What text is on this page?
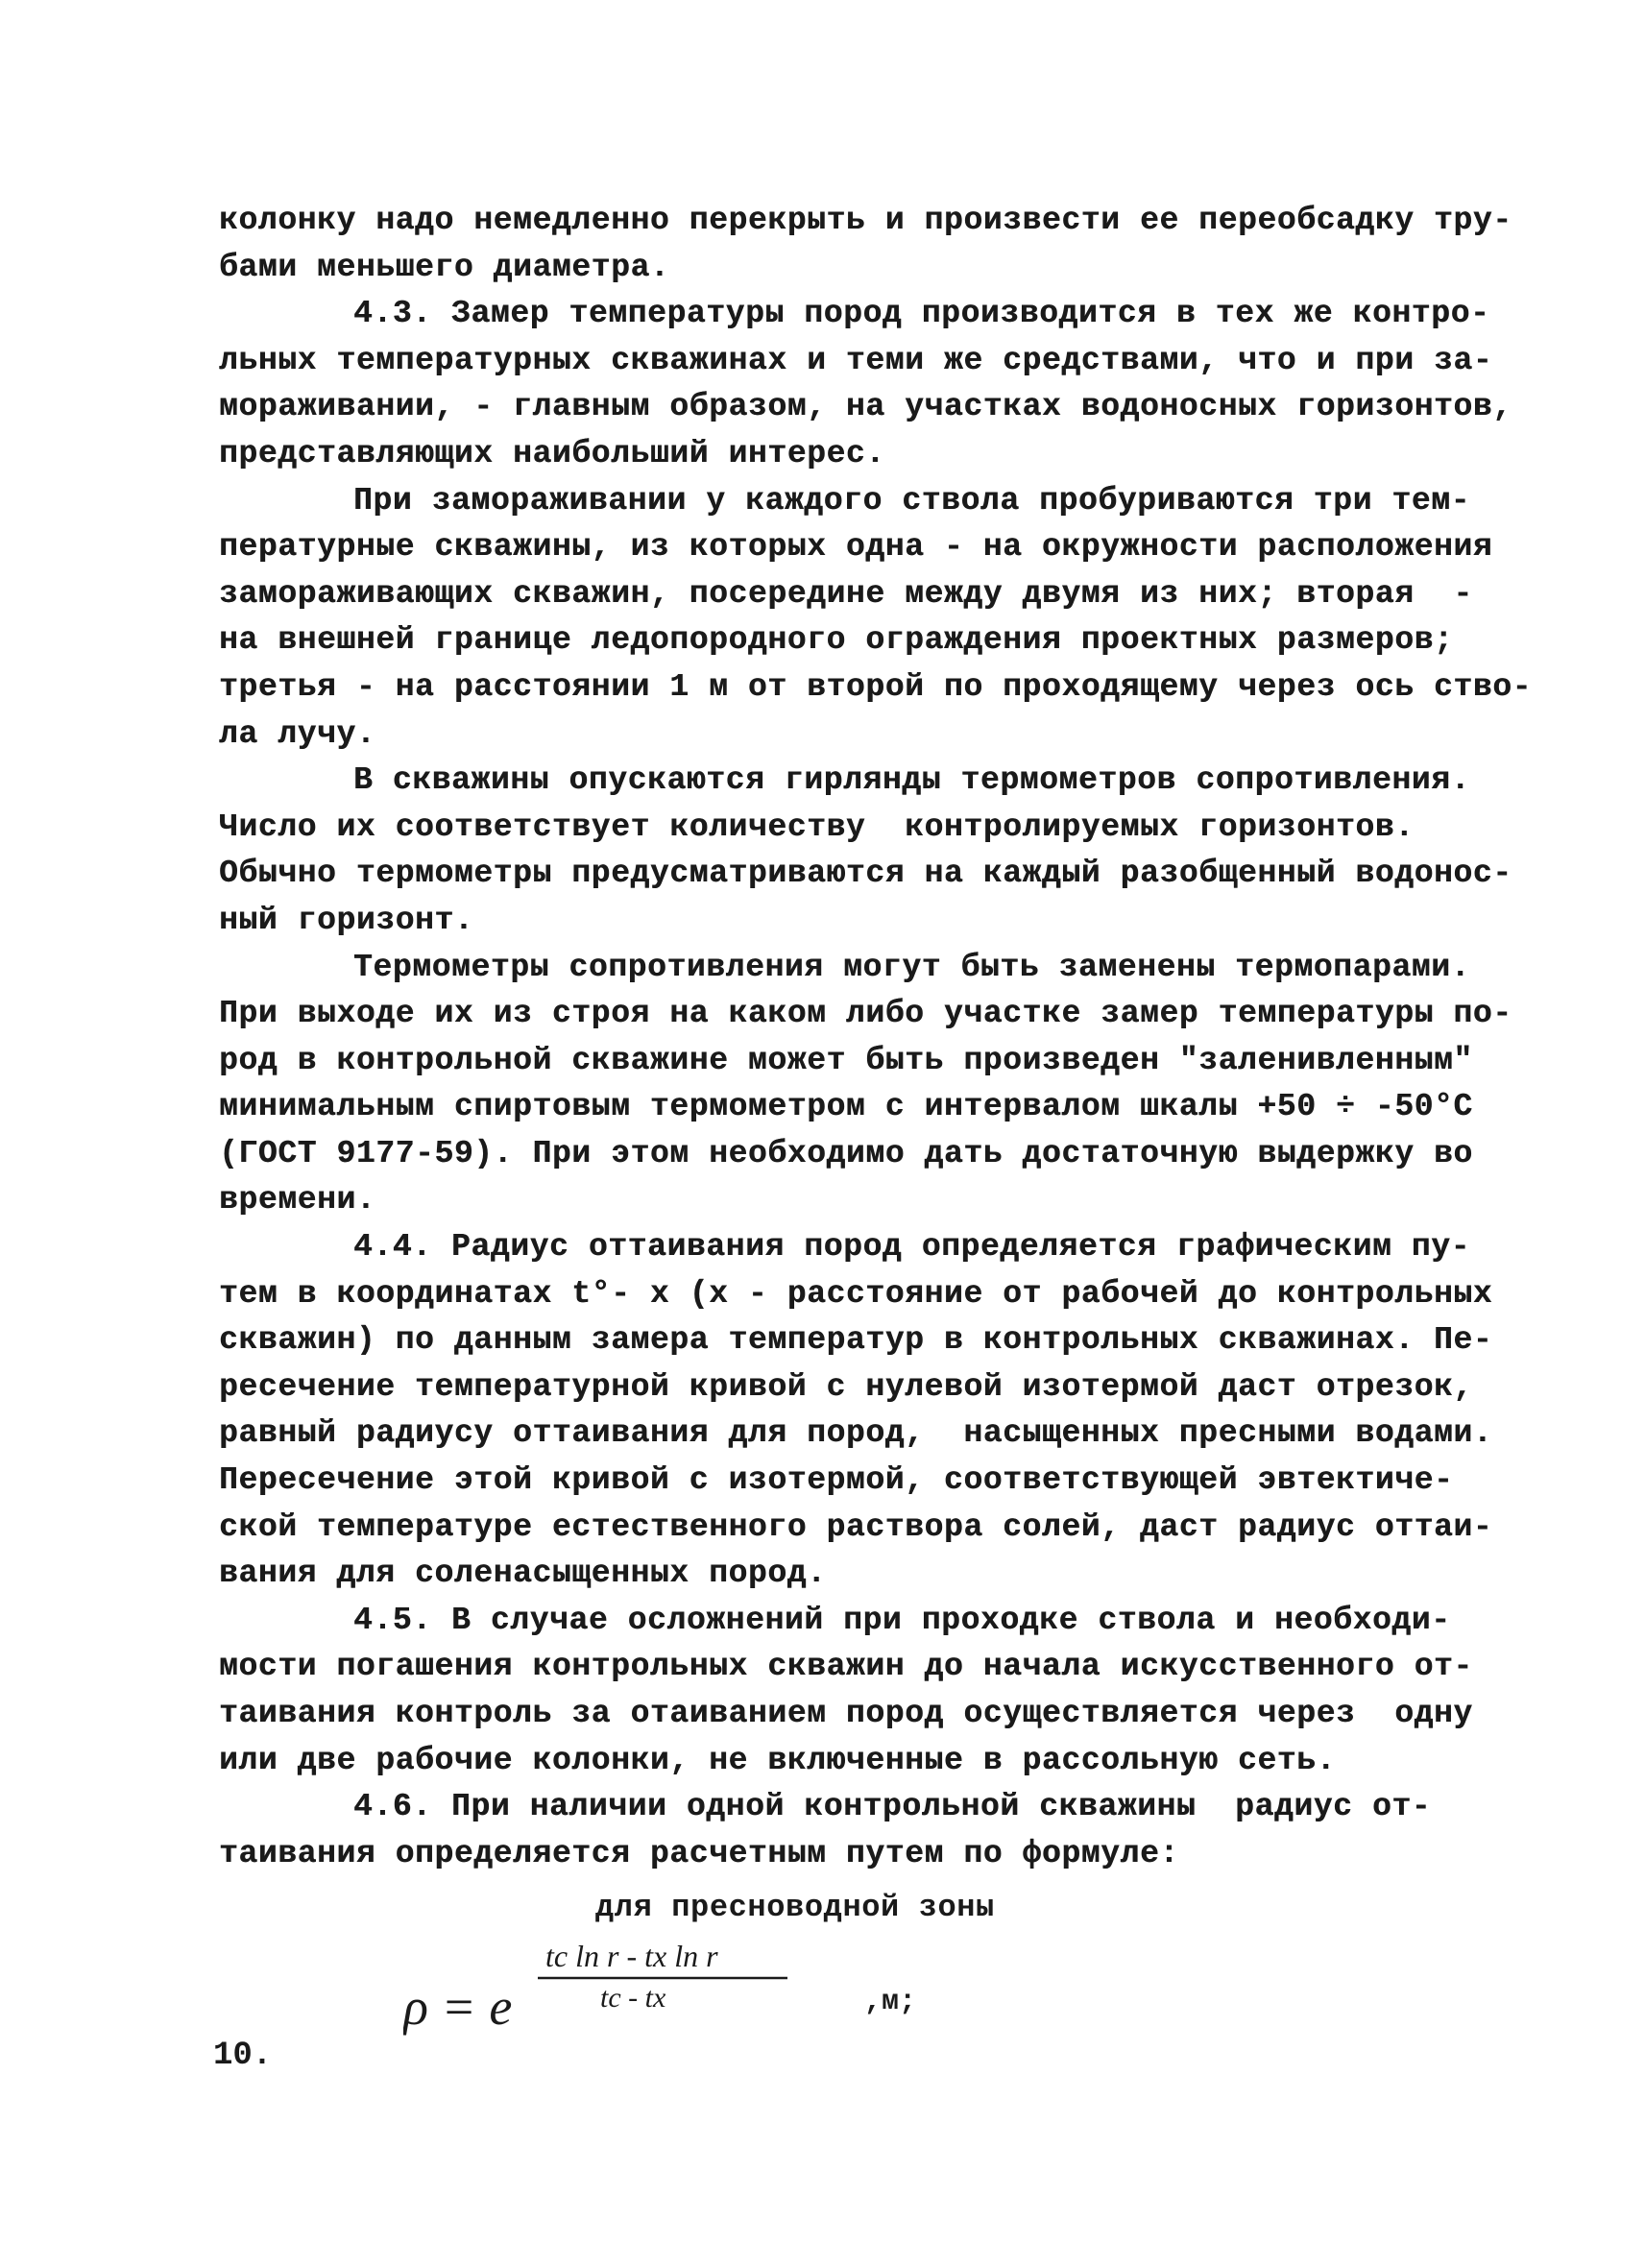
колонку надо немедленно перекрыть и произвести ее переобсадку тру-
бами меньшего диаметра.
4.3. Замер температуры пород производится в тех же контро-
льных температурных скважинах и теми же средствами, что и при за-
мораживании, - главным образом, на участках водоносных горизонтов,
представляющих наибольший интерес.
При замораживании у каждого ствола пробуриваются три тем-
пературные скважины, из которых одна - на окружности расположения
замораживающих скважин, посередине между двумя из них; вторая  -
на внешней границе ледопородного ограждения проектных размеров;
третья - на расстоянии 1 м от второй по проходящему через ось ство-
ла лучу.
В скважины опускаются гирлянды термометров сопротивления.
Число их соответствует количеству  контролируемых горизонтов.
Обычно термометры предусматриваются на каждый разобщенный водонос-
ный горизонт.
Термометры сопротивления могут быть заменены термопарами.
При выходе их из строя на каком либо участке замер температуры по-
род в контрольной скважине может быть произведен "заленивленным"
минимальным спиртовым термометром с интервалом шкалы +50 ÷ -50°С
(ГОСТ 9177-59). При этом необходимо дать достаточную выдержку во
времени.
4.4. Радиус оттаивания пород определяется графическим пу-
тем в координатах t°- x (x - расстояние от рабочей до контрольных
скважин) по данным замера температур в контрольных скважинах. Пе-
ресечение температурной кривой с нулевой изотермой даст отрезок,
равный радиусу оттаивания для пород,  насыщенных пресными водами.
Пересечение этой кривой с изотермой, соответствующей эвтектиче-
ской температуре естественного раствора солей, даст радиус оттаи-
вания для соленасыщенных пород.
4.5. В случае осложнений при проходке ствола и необходи-
мости погашения контрольных скважин до начала искусственного от-
таивания контроль за отаиванием пород осуществляется через  одну
или две рабочие колонки, не включенные в рассольную сеть.
4.6. При наличии одной контрольной скважины  радиус от-
таивания определяется расчетным путем по формуле:
для пресноводной зоны
ρ = e
tc ln r - tx ln r
tc - tx	,м;
10.
